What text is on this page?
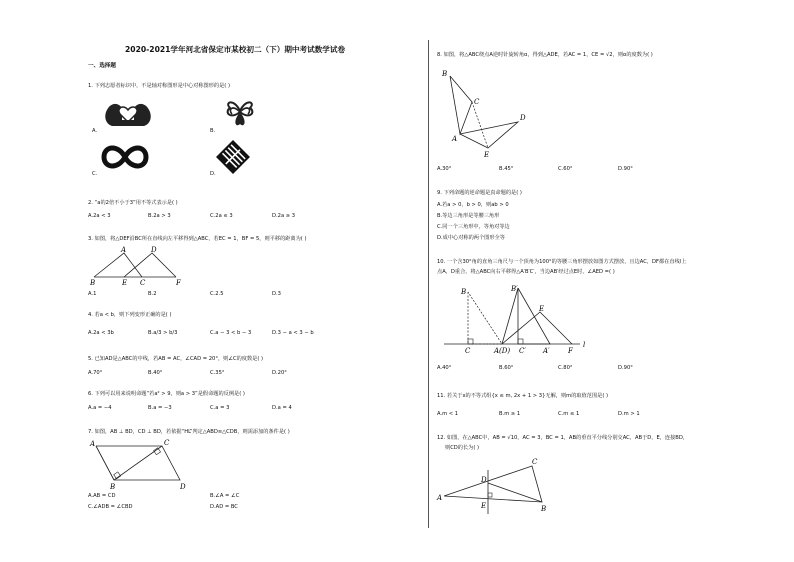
2020-2021学年河北省保定市某校初二（下）期中考试数学试卷
一、选择题
1. 下列志愿者标识中，不是轴对称图形是中心对称图形的是( )
A.	B.
C.	D.
2. “a的2倍不小于3”用不等式表示是( )
A.2a < 3	B.2a > 3	C.2a ≤ 3	D.2a ≥ 3
3. 如图，将△DEF沿BC所在直线向左平移得到△ABC，若EC = 1，BF = 5，则平移的距离为( )
A	D
B	E C	F
A.1	B.2	C.2.5	D.3
4. 若a < b，则下列变形正确的是( )
A.2a < 3b	B.a/3 > b/3	C.a − 3 < b − 3	D.3 − a < 3 − b
5. 已知AD是△ABC的中线，若AB = AC，∠CAD = 20°，则∠C的度数是( )
A.70°	B.40°	C.35°	D.20°
6. 下列可以用来说明命题“若a² > 9，则a > 3”是假命题的反例是( )
A.a = −4	B.a = −3	C.a = 3	D.a = 4
7. 如图，AB ⊥ BD，CD ⊥ BD，若依据“HL”判定△ABD≌△CDB，则需添加的条件是( )
A	C
B	D
A.AB = CD	B.∠A = ∠C
C.∠ADB = ∠CBD	D.AD = BC
8. 如图，将△ABC绕点A逆时针旋转角α，得到△ADE，若AC = 1，CE = √2，则α的度数为( )
B
C
A
D
E
A.30°	B.45°	C.60°	D.90°
9. 下列命题的逆命题是真命题的是( )
A.若a > 0，b > 0，则ab > 0
B.等边三角形是等腰三角形
C.同一个三角形中，等角对等边
D.成中心对称的两个图形全等
10. 一个含30°角的直角三角尺与一个顶角为100°的等腰三角形摆放如图方式摆放，且边AC，DF都在直线l上
点A，D重合，将△ABC向右平移得△A′B′C′，当边AB′经过点E时，∠AED =( )
B	B′
E
C	A(D) C′ A′	F
l
A.40°	B.60°	C.80°	D.90°
11. 若关于x的不等式组{x ≤ m, 2x + 1 > 3}无解，则m的取值范围是( )
A.m < 1	B.m ≥ 1	C.m ≤ 1	D.m > 1
12. 如图，在△ABC中，AB = √10，AC = 3，BC = 1，AB的垂直平分线分别交AC，AB于D，E，连接BD，
则CD的长为( )
C
D
A
E	B
